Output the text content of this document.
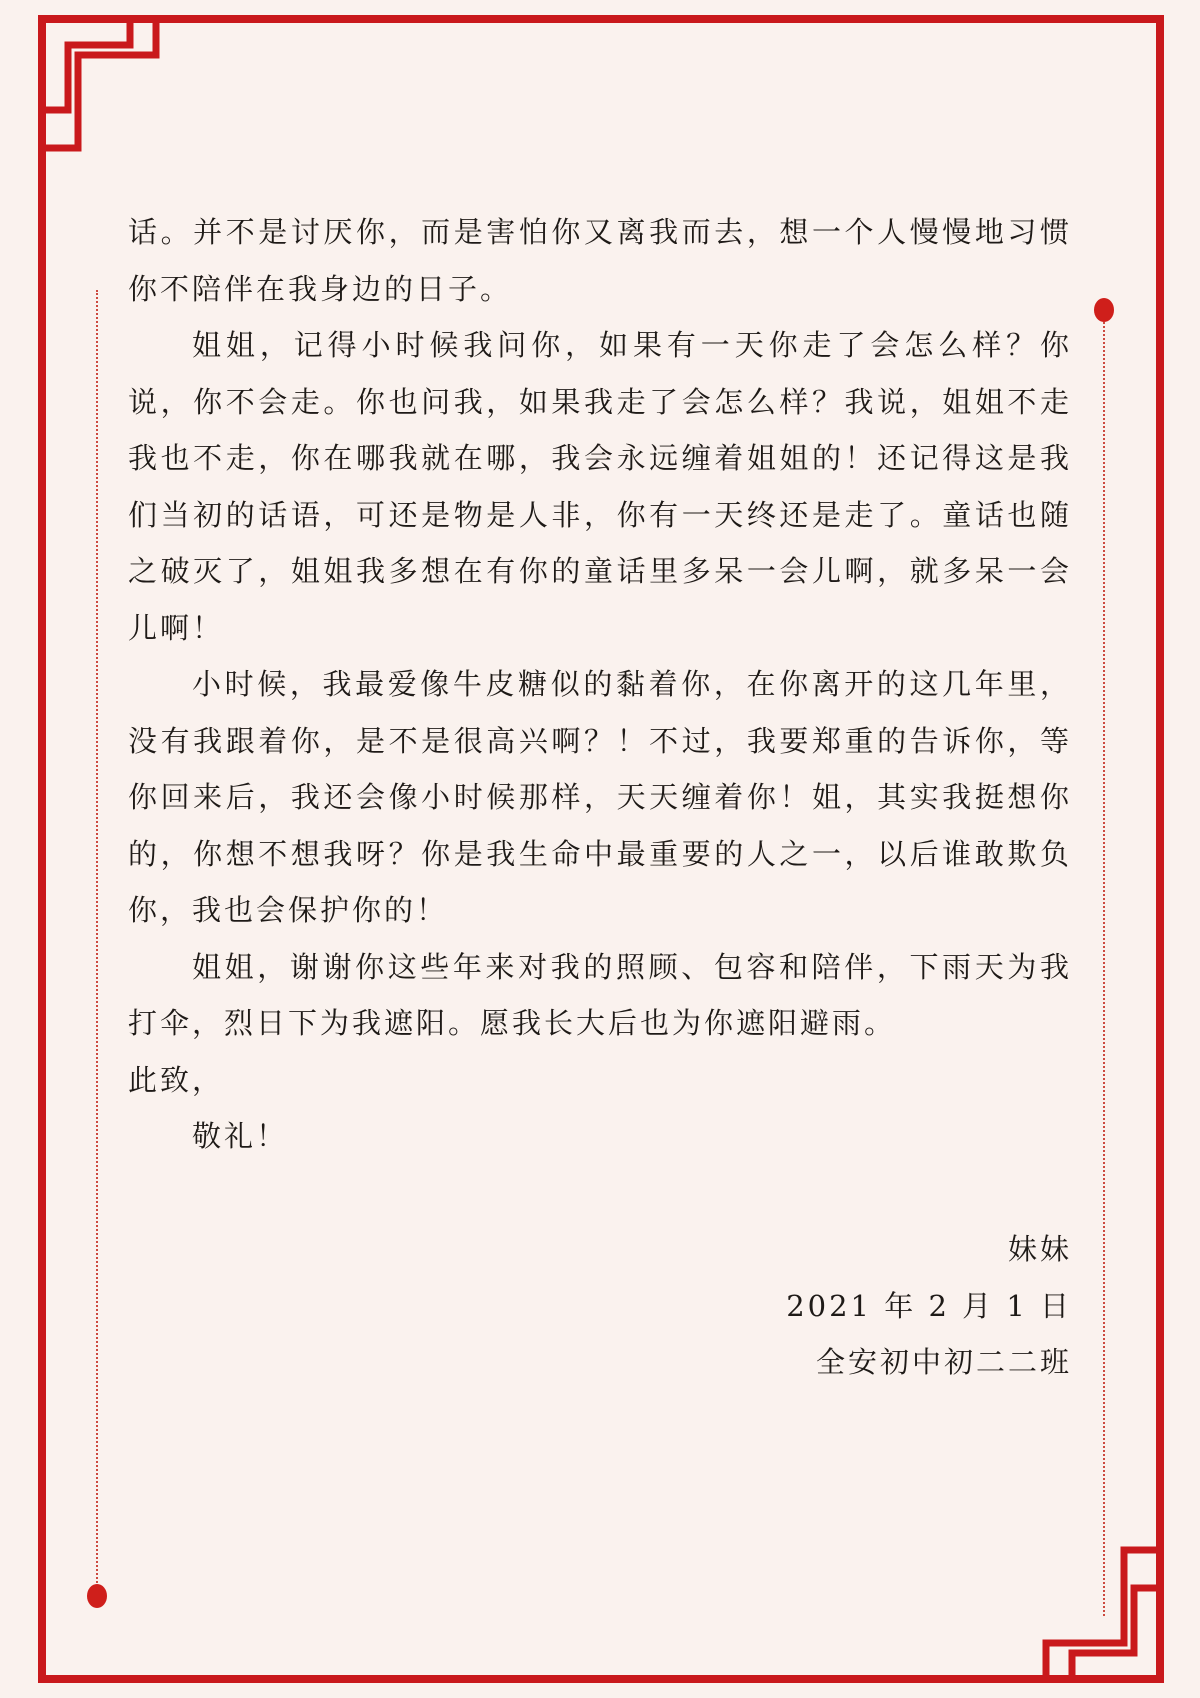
话。并不是讨厌你，而是害怕你又离我而去，想一个人慢慢地习惯你不陪伴在我身边的日子。

姐姐，记得小时候我问你，如果有一天你走了会怎么样？你说，你不会走。你也问我，如果我走了会怎么样？我说，姐姐不走我也不走，你在哪我就在哪，我会永远缠着姐姐的！还记得这是我们当初的话语，可还是物是人非，你有一天终还是走了。童话也随之破灭了，姐姐我多想在有你的童话里多呆一会儿啊，就多呆一会儿啊！

小时候，我最爱像牛皮糖似的黏着你，在你离开的这几年里，没有我跟着你，是不是很高兴啊？！不过，我要郑重的告诉你，等你回来后，我还会像小时候那样，天天缠着你！姐，其实我挺想你的，你想不想我呀？你是我生命中最重要的人之一，以后谁敢欺负你，我也会保护你的！

姐姐，谢谢你这些年来对我的照顾、包容和陪伴，下雨天为我打伞，烈日下为我遮阳。愿我长大后也为你遮阳避雨。

此致，

敬礼！

妹妹

2021 年 2 月 1 日

全安初中初二二班
